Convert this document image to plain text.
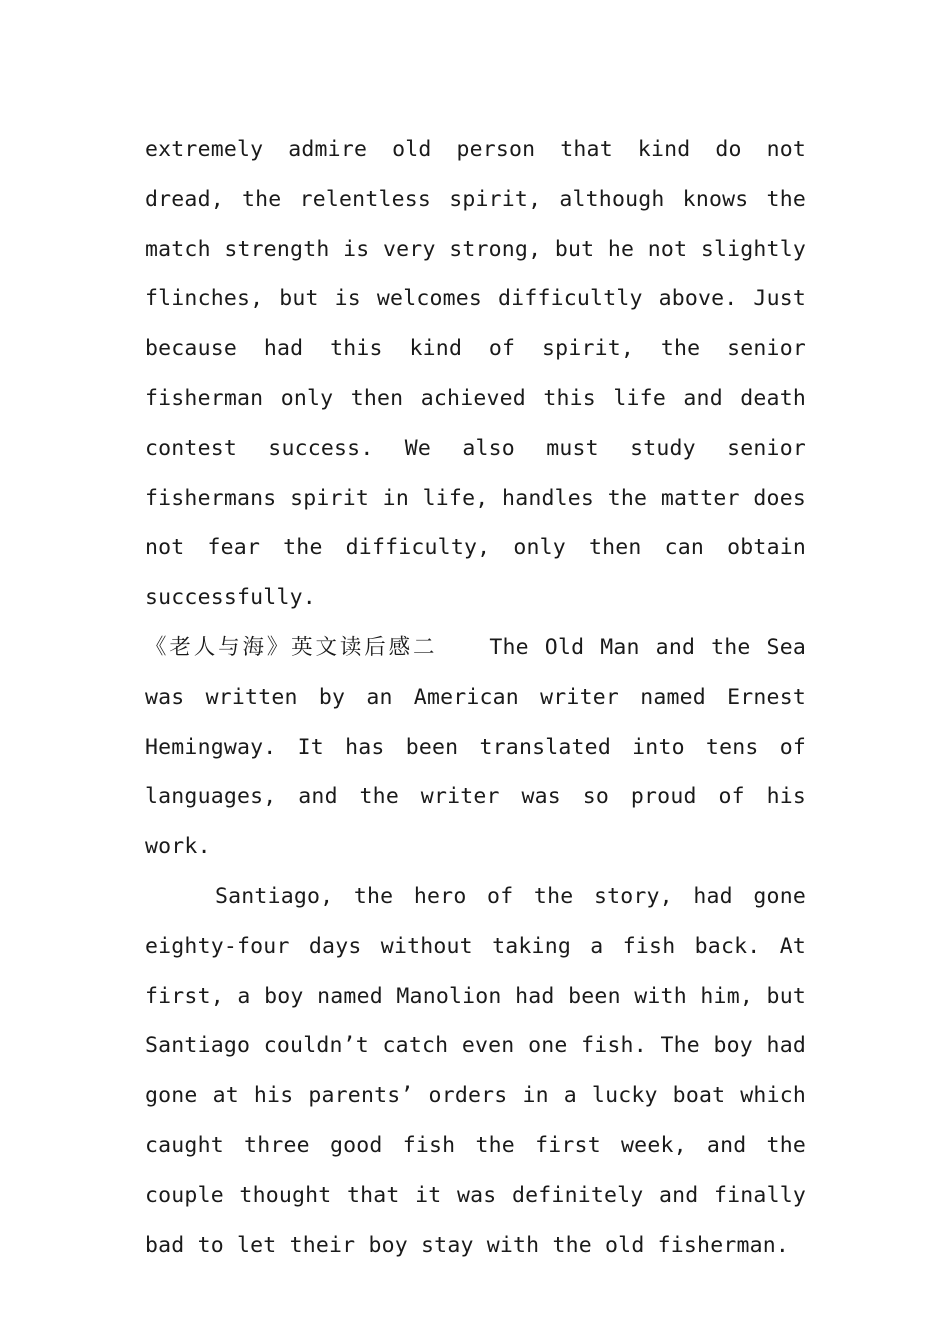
extremely admire old person that kind do not dread, the relentless spirit, although knows the match strength is very strong, but he not slightly flinches, but is welcomes difficultly above. Just because had this kind of spirit, the senior fisherman only then achieved this life and death contest success. We also must study senior fishermans spirit in life, handles the matter does not fear the difficulty, only then can obtain successfully.

《老人与海》英文读后感二 The Old Man and the Sea was written by an American writer named Ernest Hemingway. It has been translated into tens of languages, and the writer was so proud of his work.

Santiago, the hero of the story, had gone eighty-four days without taking a fish back. At first, a boy named Manolion had been with him, but Santiago couldn’t catch even one fish. The boy had gone at his parents’ orders in a lucky boat which caught three good fish the first week, and the couple thought that it was definitely and finally bad to let their boy stay with the old fisherman.
